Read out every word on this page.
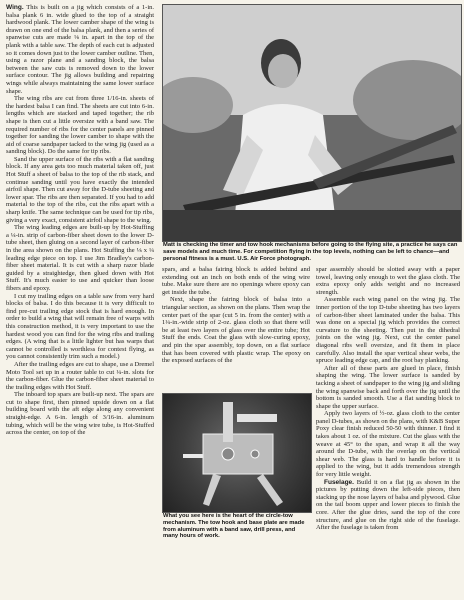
Wing. This is built on a jig which consists of a 1-in. balsa plank 6 in. wide glued to the top of a straight hardwood plank. The lower camber shape of the wing is drawn on one end of the balsa plank, and then a series of spanwise cuts are made ⅛ in. apart in the top of the plank with a table saw. The depth of each cut is adjusted so it comes down just to the lower camber outline. Then, using a razor plane and a sanding block, the balsa between the saw cuts is removed down to the lower surface contour. The jig allows building and repairing wings while always maintaining the same lower surface shape.

The wing ribs are cut from three 1/16-in. sheets of the hardest balsa I can find. The sheets are cut into 6-in. lengths which are stacked and taped together; the rib shape is then cut a little oversize with a band saw. The required number of ribs for the center panels are pinned together for sanding the lower camber to shape with the aid of coarse sandpaper tacked to the wing jig (used as a sanding block). Do the same for tip ribs.

Sand the upper surface of the ribs with a flat sanding block. If any area gets too much material taken off, just Hot Stuff a sheet of balsa to the top of the rib stack, and continue sanding until you have exactly the intended airfoil shape. Then cut away for the D-tube sheeting and lower spar. The ribs are then separated. If you had to add material to the top of the ribs, cut the ribs apart with a sharp knife. The same technique can be used for tip ribs, giving a very exact, consistent airfoil shape to the wing.

The wing leading edges are built-up by Hot-Stuffing a ¼-in. strip of carbon-fiber sheet down to the lower D-tube sheet, then gluing on a second layer of carbon-fiber in the area shown on the plans. Hot Stuffing the ⅛ x ¼ leading edge piece on top. I use Jim Bradley's carbon-fiber sheet material. It is cut with a sharp razor blade guided by a straightedge, then glued down with Hot Stuff. It's much easier to use and quicker than loose fibers and epoxy.

I cut my trailing edges on a table saw from very hard blocks of balsa. I do this because it is very difficult to find pre-cut trailing edge stock that is hard enough. In order to build a wing that will remain free of warps with this construction method, it is very important to use the hardest wood you can find for the wing ribs and trailing edges. (A wing that is a little lighter but has warps that cannot be controlled is worthless for contest flying, as you cannot consistently trim such a model.)

After the trailing edges are cut to shape, use a Dremel Moto Tool set up in a router table to cut ¼-in. slots for the carbon-fiber. Glue the carbon-fiber sheet material to the trailing edges with Hot Stuff.

The inboard top spars are built-up next. The spars are cut to shape first, then pinned upside down on a flat building board with the aft edge along any convenient straight-edge. A 6-in. length of 3/16-in. aluminum tubing, which will be the wing wire tube, is Hot-Stuffed across the center, on top of the

Matt is checking the timer and tow hook mechanisms before going to the flying site, a practice he says can save models and much time. For competition flying in the top levels, nothing can be left to chance—and personal fitness is a must. U.S. Air Force photograph.

spars, and a balsa fairing block is added behind and extending out an inch on both ends of the wing wire tube. Make sure there are no openings where epoxy can get inside the tube.

Next, shape the fairing block of balsa into a triangular section, as shown on the plans. Then wrap the center part of the spar (cut 5 in. from the center) with a 1¼-in.-wide strip of 2-oz. glass cloth so that there will be at least two layers of glass over the entire tube; Hot Stuff the ends. Coat the glass with slow-curing epoxy, and pin the spar assembly, top down, on a flat surface that has been covered with plastic wrap. The epoxy on the exposed surfaces of the

What you see here is the heart of the circle-tow mechanism. The tow hook and base plate are made from aluminum with a band saw, drill press, and many hours of work.

spar assembly should be slotted away with a paper towel, leaving only enough to wet the glass cloth. The extra epoxy only adds weight and no increased strength.

Assemble each wing panel on the wing jig. The inner portion of the top D-tube sheeting has two layers of carbon-fiber sheet laminated under the balsa. This was done on a special jig which provides the correct curvature to the sheeting. Then put in the dihedral joints on the wing jig. Next, cut the center panel diagonal ribs well oversize, and fit them in place carefully. Also install the spar vertical shear webs, the spruce leading edge cap, and the root bay planking.

After all of these parts are glued in place, finish shaping the wing. The lower surface is sanded by tacking a sheet of sandpaper to the wing jig and sliding the wing spanwise back and forth over the jig until the bottom is sanded smooth. Use a flat sanding block to shape the upper surface.

Apply two layers of ½-oz. glass cloth to the center panel D-tubes, as shown on the plans, with K&B Super Poxy clear finish reduced 50-50 with thinner. I find it takes about 1 oz. of the mixture. Cut the glass with the weave at 45° to the span, and wrap it all the way around the D-tube, with the overlap on the vertical shear web. The glass is hard to handle before it is applied to the wing, but it adds tremendous strength for very little weight.

Fuselage. Build it on a flat jig as shown in the pictures by putting down the left-side pieces, then stacking up the nose layers of balsa and plywood. Glue on the tail boom upper and lower pieces to finish the core. After the glue dries, sand the top of the core structure, and glue on the right side of the fuselage. After the fuselage is taken from
